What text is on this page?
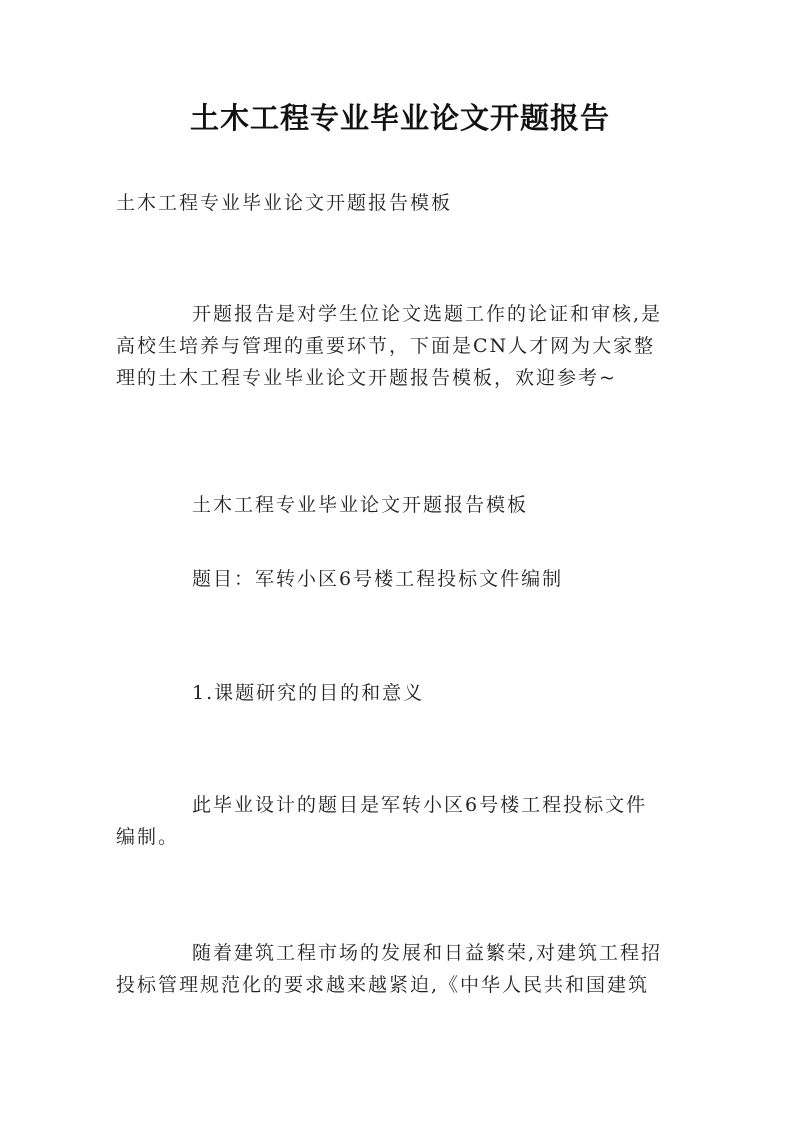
土木工程专业毕业论文开题报告
土木工程专业毕业论文开题报告模板
开题报告是对学生位论文选题工作的论证和审核,是
高校生培养与管理的重要环节，下面是CN人才网为大家整
理的土木工程专业毕业论文开题报告模板，欢迎参考~
土木工程专业毕业论文开题报告模板
题目：军转小区6号楼工程投标文件编制
1.课题研究的目的和意义
此毕业设计的题目是军转小区6号楼工程投标文件
编制。
随着建筑工程市场的发展和日益繁荣,对建筑工程招
投标管理规范化的要求越来越紧迫,《中华人民共和国建筑
